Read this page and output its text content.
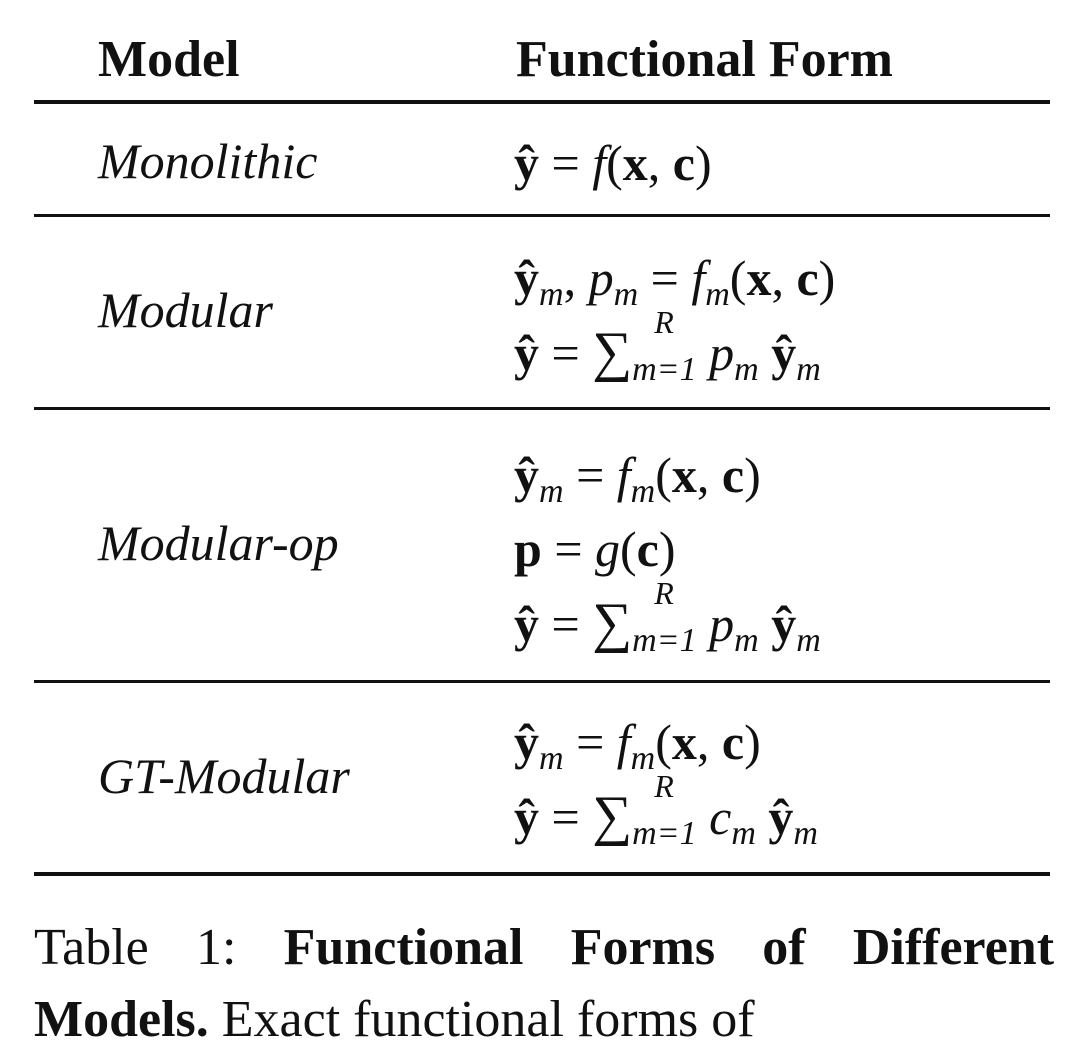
Model	Functional Form
Monolithic	ŷ = f(x, c)
Modular
$ŷ_m$, $p_m = f_m(x$, c)
ŷ = ∑ R
$_{m=1}$ $p_m$ $ŷ_m$
Modular-op
$ŷ_m = f_m(x$, c)
p = g(c)
ŷ = ∑ R
$_{m=1}$ $p_m$ $ŷ_m$
GT-Modular
$ŷ_m = f_m(x$, c)
ŷ = ∑ R
$_{m=1}$ $c_m$ $ŷ_m$
Table 1: Functional Forms of Different Models. Exact functional forms of
